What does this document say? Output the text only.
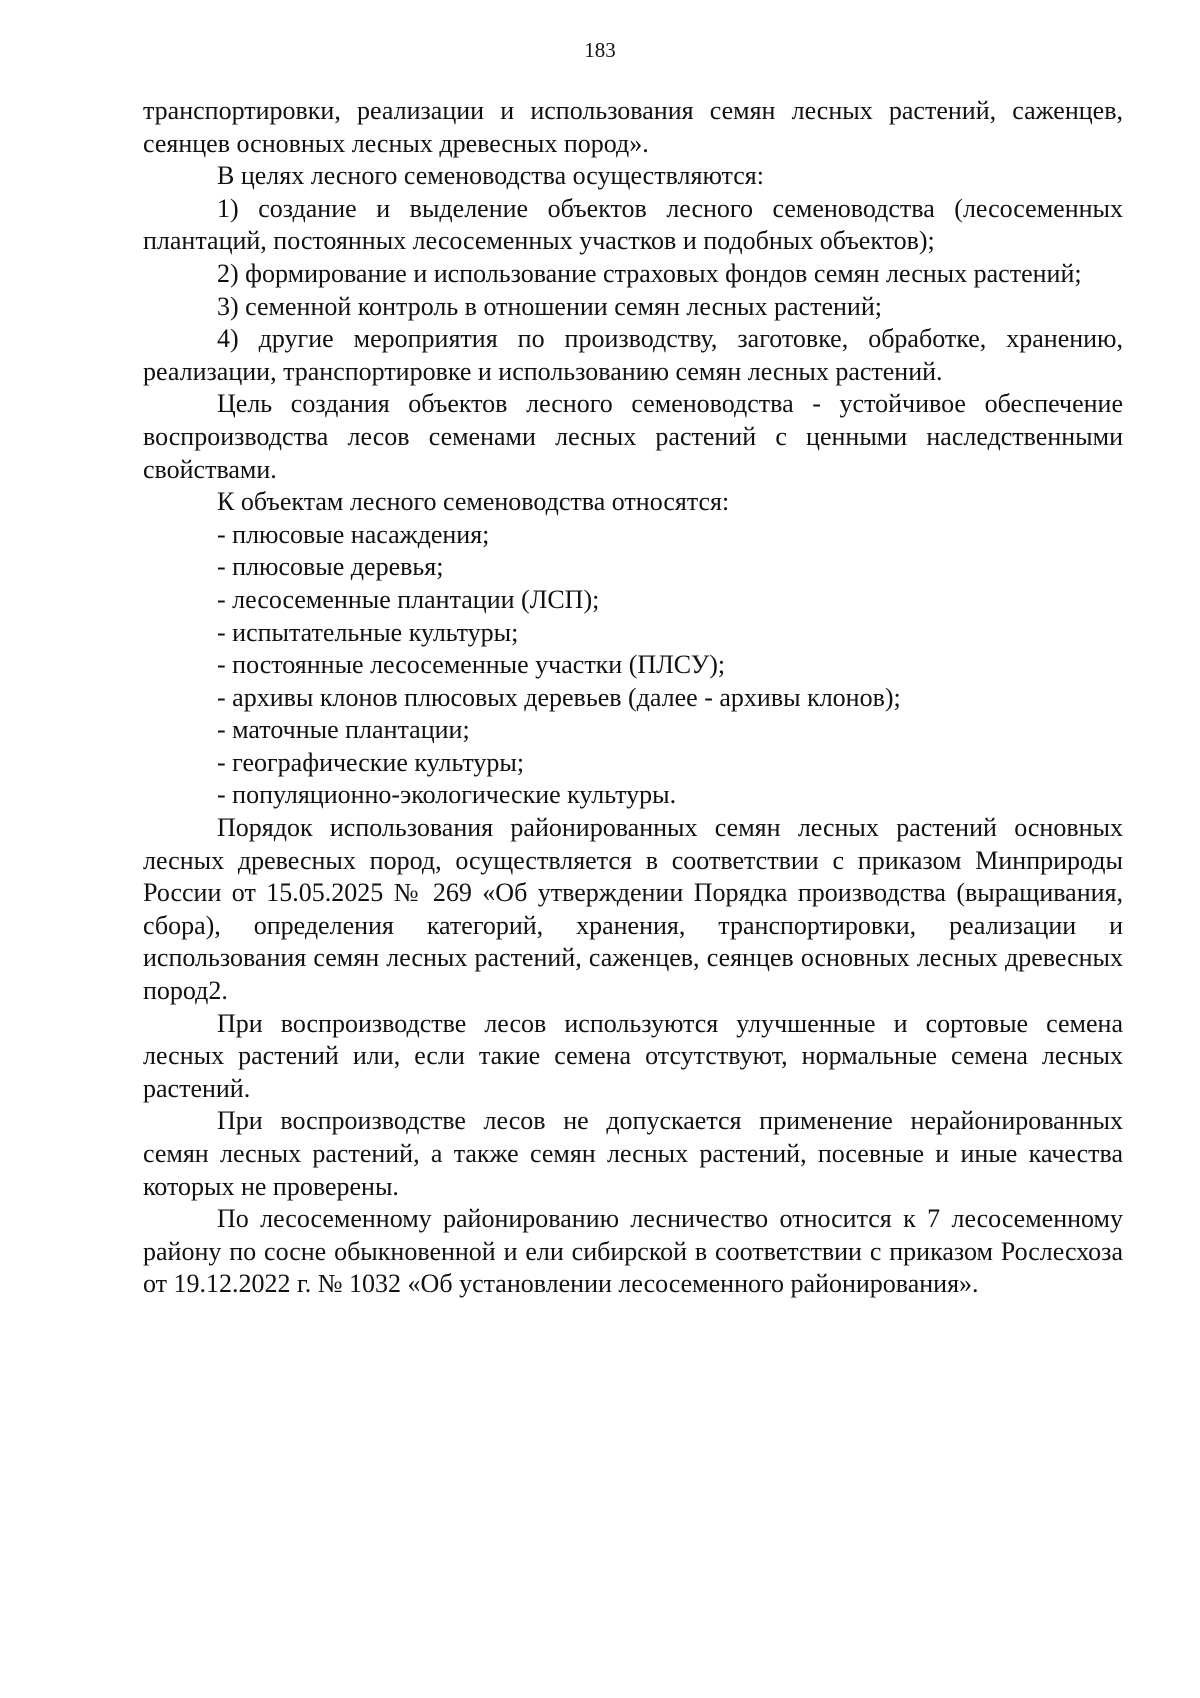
183

транспортировки, реализации и использования семян лесных растений, саженцев, сеянцев основных лесных древесных пород».

В целях лесного семеноводства осуществляются:

1) создание и выделение объектов лесного семеноводства (лесосеменных плантаций, постоянных лесосеменных участков и подобных объектов);

2) формирование и использование страховых фондов семян лесных растений;

3) семенной контроль в отношении семян лесных растений;

4) другие мероприятия по производству, заготовке, обработке, хранению, реализации, транспортировке и использованию семян лесных растений.

Цель создания объектов лесного семеноводства - устойчивое обеспечение воспроизводства лесов семенами лесных растений с ценными наследственными свойствами.

К объектам лесного семеноводства относятся:

- плюсовые насаждения;
- плюсовые деревья;
- лесосеменные плантации (ЛСП);
- испытательные культуры;
- постоянные лесосеменные участки (ПЛСУ);
- архивы клонов плюсовых деревьев (далее - архивы клонов);
- маточные плантации;
- географические культуры;
- популяционно-экологические культуры.

Порядок использования районированных семян лесных растений основных лесных древесных пород, осуществляется в соответствии с приказом Минприроды России от 15.05.2025 № 269 «Об утверждении Порядка производства (выращивания, сбора), определения категорий, хранения, транспортировки, реализации и использования семян лесных растений, саженцев, сеянцев основных лесных древесных пород2.

При воспроизводстве лесов используются улучшенные и сортовые семена лесных растений или, если такие семена отсутствуют, нормальные семена лесных растений.

При воспроизводстве лесов не допускается применение нерайонированных семян лесных растений, а также семян лесных растений, посевные и иные качества которых не проверены.

По лесосеменному районированию лесничество относится к 7 лесосеменному району по сосне обыкновенной и ели сибирской в соответствии с приказом Рослесхоза от 19.12.2022 г. № 1032 «Об установлении лесосеменного районирования».
